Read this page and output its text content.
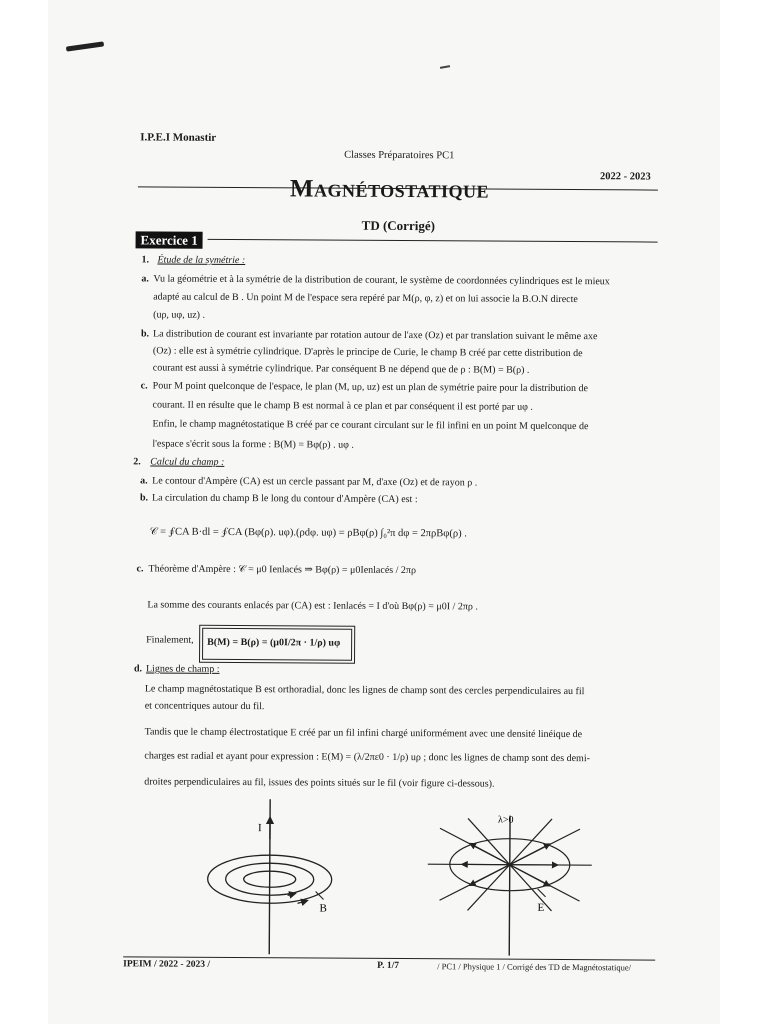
I.P.E.I Monastir
Classes Préparatoires PC1
2022 - 2023
Magnétostatique
TD (Corrigé)
Exercice 1
1. Étude de la symétrie :
a. Vu la géométrie et à la symétrie de la distribution de courant, le système de coordonnées cylindriques est le mieux
adapté au calcul de B . Un point M de l'espace sera repéré par M(ρ, φ, z) et on lui associe la B.O.N directe
(uρ, uφ, uz) .
b. La distribution de courant est invariante par rotation autour de l'axe (Oz) et par translation suivant le même axe
(Oz) : elle est à symétrie cylindrique. D'après le principe de Curie, le champ B créé par cette distribution de
courant est aussi à symétrie cylindrique. Par conséquent B ne dépend que de ρ : B(M) = B(ρ) .
c. Pour M point quelconque de l'espace, le plan (M, uρ, uz) est un plan de symétrie paire pour la distribution de
courant. Il en résulte que le champ B est normal à ce plan et par conséquent il est porté par uφ .
Enfin, le champ magnétostatique B créé par ce courant circulant sur le fil infini en un point M quelconque de
l'espace s'écrit sous la forme : B(M) = Bφ(ρ) . uφ .
2. Calcul du champ :
a. Le contour d'Ampère (CA) est un cercle passant par M, d'axe (Oz) et de rayon ρ .
b. La circulation du champ B le long du contour d'Ampère (CA) est :
𝒞 = ∮CA B·dl = ∮CA (Bφ(ρ). uφ).(ρdφ. uφ) = ρBφ(ρ) ∫₀²π dφ = 2πρBφ(ρ) .
c. Théorème d'Ampère : 𝒞 = μ0 Ienlacés ⇒ Bφ(ρ) = μ0Ienlacés / 2πρ
La somme des courants enlacés par (CA) est : Ienlacés = I d'où Bφ(ρ) = μ0I / 2πρ .
Finalement, B(M) = B(ρ) = (μ0I/2π · 1/ρ) uφ
d. Lignes de champ :
Le champ magnétostatique B est orthoradial, donc les lignes de champ sont des cercles perpendiculaires au fil
et concentriques autour du fil.
Tandis que le champ électrostatique E créé par un fil infini chargé uniformément avec une densité linéique de
charges est radial et ayant pour expression : E(M) = (λ/2πε0 · 1/ρ) uρ ; donc les lignes de champ sont des demi-
droites perpendiculaires au fil, issues des points situés sur le fil (voir figure ci-dessous).
I
B
λ>0
E
IPEIM / 2022 - 2023 /	P. 1/7	/ PC1 / Physique 1 / Corrigé des TD de Magnétostatique/
